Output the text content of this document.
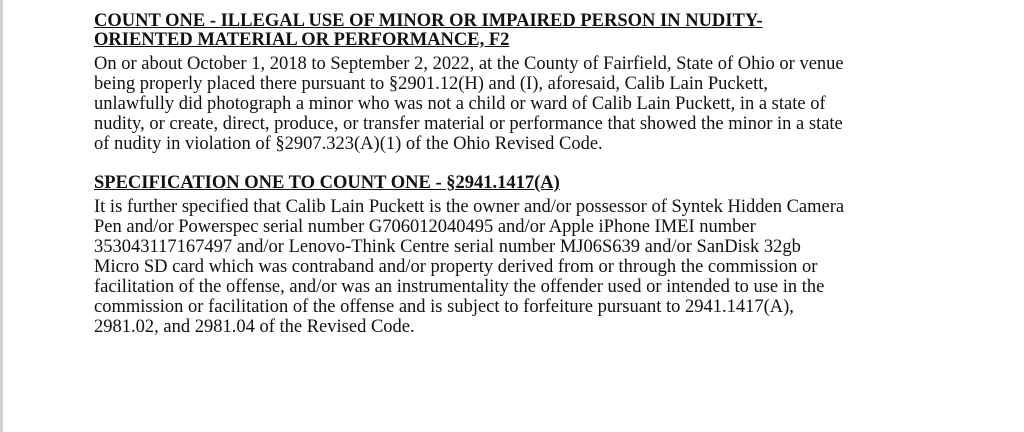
COUNT ONE - ILLEGAL USE OF MINOR OR IMPAIRED PERSON IN NUDITY-
ORIENTED MATERIAL OR PERFORMANCE, F2

On or about October 1, 2018 to September 2, 2022, at the County of Fairfield, State of Ohio or venue
being properly placed there pursuant to §2901.12(H) and (I), aforesaid, Calib Lain Puckett,
unlawfully did photograph a minor who was not a child or ward of Calib Lain Puckett, in a state of
nudity, or create, direct, produce, or transfer material or performance that showed the minor in a state
of nudity in violation of §2907.323(A)(1) of the Ohio Revised Code.

SPECIFICATION ONE TO COUNT ONE - §2941.1417(A)

It is further specified that Calib Lain Puckett is the owner and/or possessor of Syntek Hidden Camera
Pen and/or Powerspec serial number G706012040495 and/or Apple iPhone IMEI number
353043117167497 and/or Lenovo-Think Centre serial number MJ06S639 and/or SanDisk 32gb
Micro SD card which was contraband and/or property derived from or through the commission or
facilitation of the offense, and/or was an instrumentality the offender used or intended to use in the
commission or facilitation of the offense and is subject to forfeiture pursuant to 2941.1417(A),
2981.02, and 2981.04 of the Revised Code.
